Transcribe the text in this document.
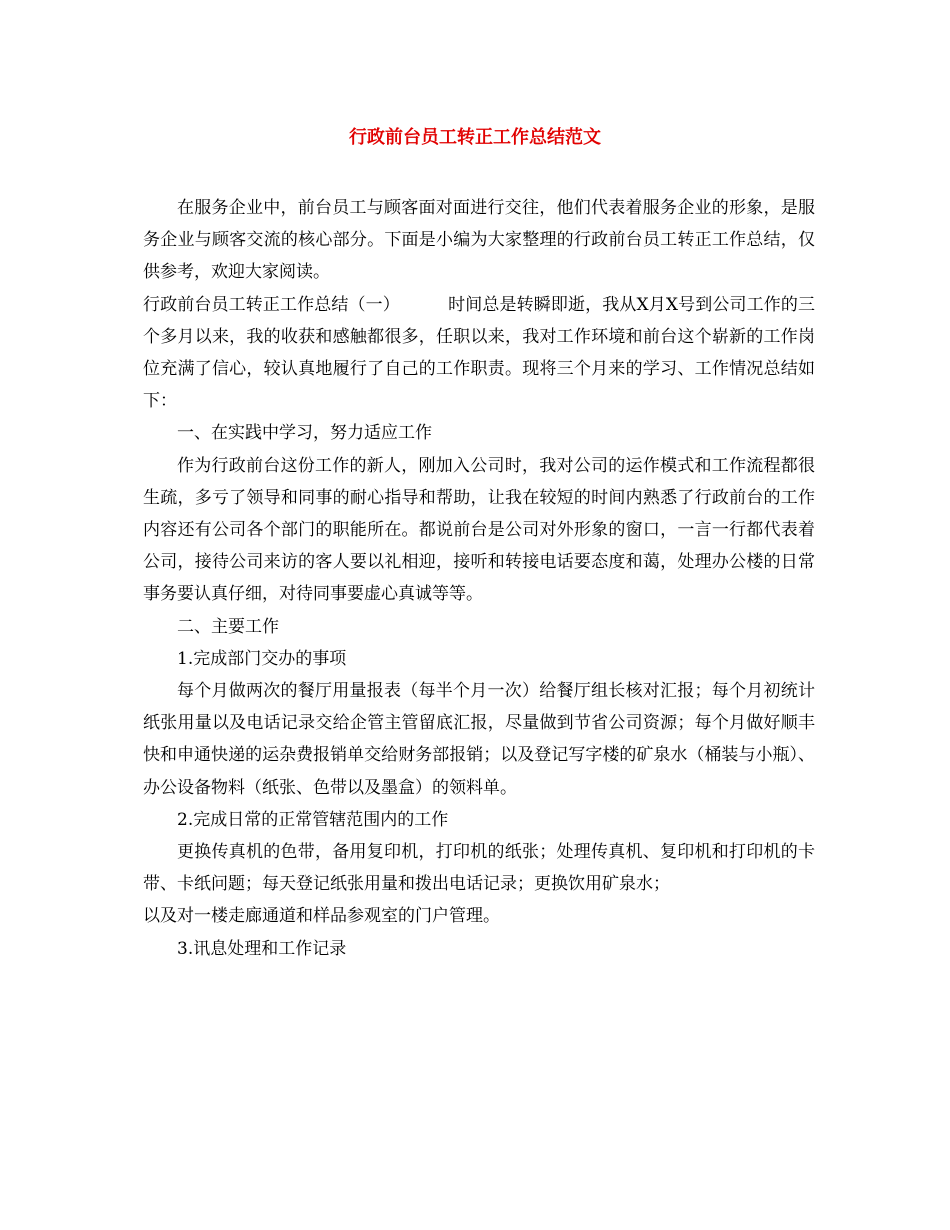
行政前台员工转正工作总结范文

在服务企业中，前台员工与顾客面对面进行交往，他们代表着服务企业的形象，是服务企业与顾客交流的核心部分。下面是小编为大家整理的行政前台员工转正工作总结，仅供参考，欢迎大家阅读。

行政前台员工转正工作总结（一）	时间总是转瞬即逝，我从X月X号到公司工作的三个多月以来，我的收获和感触都很多，任职以来，我对工作环境和前台这个崭新的工作岗位充满了信心，较认真地履行了自己的工作职责。现将三个月来的学习、工作情况总结如下：

一、在实践中学习，努力适应工作

作为行政前台这份工作的新人，刚加入公司时，我对公司的运作模式和工作流程都很生疏，多亏了领导和同事的耐心指导和帮助，让我在较短的时间内熟悉了行政前台的工作内容还有公司各个部门的职能所在。都说前台是公司对外形象的窗口，一言一行都代表着公司，接待公司来访的客人要以礼相迎，接听和转接电话要态度和蔼，处理办公楼的日常事务要认真仔细，对待同事要虚心真诚等等。

二、主要工作

1.完成部门交办的事项

每个月做两次的餐厅用量报表（每半个月一次）给餐厅组长核对汇报；每个月初统计纸张用量以及电话记录交给企管主管留底汇报，尽量做到节省公司资源；每个月做好顺丰快和申通快递的运杂费报销单交给财务部报销；以及登记写字楼的矿泉水（桶装与小瓶）、办公设备物料（纸张、色带以及墨盒）的领料单。

2.完成日常的正常管辖范围内的工作

更换传真机的色带，备用复印机，打印机的纸张；处理传真机、复印机和打印机的卡带、卡纸问题；每天登记纸张用量和拨出电话记录；更换饮用矿泉水；

以及对一楼走廊通道和样品参观室的门户管理。

3.讯息处理和工作记录
